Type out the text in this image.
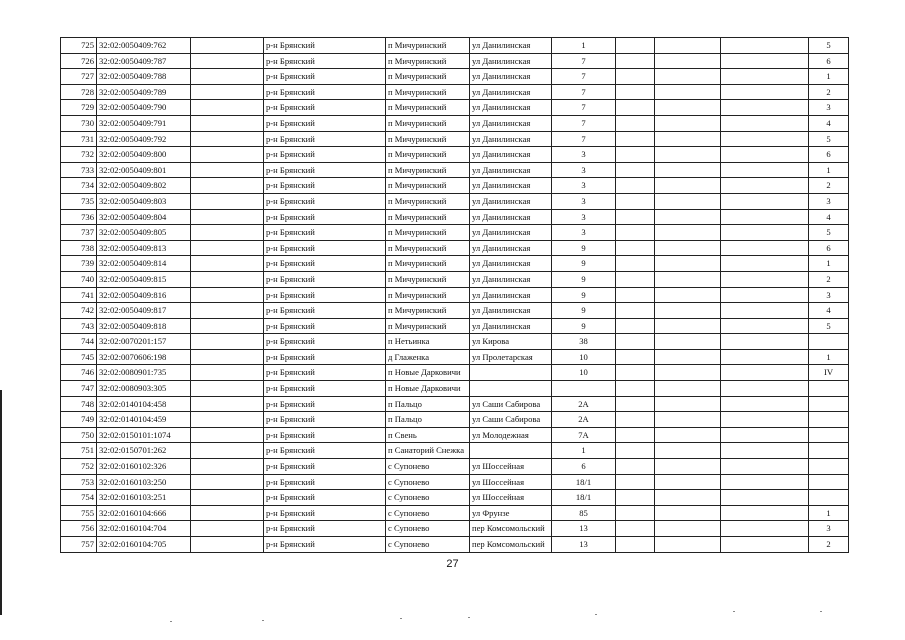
725	32:02:0050409:762		р-н Брянский	п Мичуринский	ул Данилинская	1				5
726	32:02:0050409:787		р-н Брянский	п Мичуринский	ул Данилинская	7				6
727	32:02:0050409:788		р-н Брянский	п Мичуринский	ул Данилинская	7				1
728	32:02:0050409:789		р-н Брянский	п Мичуринский	ул Данилинская	7				2
729	32:02:0050409:790		р-н Брянский	п Мичуринский	ул Данилинская	7				3
730	32:02:0050409:791		р-н Брянский	п Мичуринский	ул Данилинская	7				4
731	32:02:0050409:792		р-н Брянский	п Мичуринский	ул Данилинская	7				5
732	32:02:0050409:800		р-н Брянский	п Мичуринский	ул Данилинская	3				6
733	32:02:0050409:801		р-н Брянский	п Мичуринский	ул Данилинская	3				1
734	32:02:0050409:802		р-н Брянский	п Мичуринский	ул Данилинская	3				2
735	32:02:0050409:803		р-н Брянский	п Мичуринский	ул Данилинская	3				3
736	32:02:0050409:804		р-н Брянский	п Мичуринский	ул Данилинская	3				4
737	32:02:0050409:805		р-н Брянский	п Мичуринский	ул Данилинская	3				5
738	32:02:0050409:813		р-н Брянский	п Мичуринский	ул Данилинская	9				6
739	32:02:0050409:814		р-н Брянский	п Мичуринский	ул Данилинская	9				1
740	32:02:0050409:815		р-н Брянский	п Мичуринский	ул Данилинская	9				2
741	32:02:0050409:816		р-н Брянский	п Мичуринский	ул Данилинская	9				3
742	32:02:0050409:817		р-н Брянский	п Мичуринский	ул Данилинская	9				4
743	32:02:0050409:818		р-н Брянский	п Мичуринский	ул Данилинская	9				5
744	32:02:0070201:157		р-н Брянский	п Нетьинка	ул Кирова	38				
745	32:02:0070606:198		р-н Брянский	д Глаженка	ул Пролетарская	10				1
746	32:02:0080901:735		р-н Брянский	п Новые Дарковичи		10				IV
747	32:02:0080903:305		р-н Брянский	п Новые Дарковичи						
748	32:02:0140104:458		р-н Брянский	п Пальцо	ул Саши Сабирова	2А				
749	32:02:0140104:459		р-н Брянский	п Пальцо	ул Саши Сабирова	2А				
750	32:02:0150101:1074		р-н Брянский	п Свень	ул Молодежная	7А				
751	32:02:0150701:262		р-н Брянский	п Санаторий Снежка		1				
752	32:02:0160102:326		р-н Брянский	с Супонево	ул Шоссейная	6				
753	32:02:0160103:250		р-н Брянский	с Супонево	ул Шоссейная	18/1				
754	32:02:0160103:251		р-н Брянский	с Супонево	ул Шоссейная	18/1				
755	32:02:0160104:666		р-н Брянский	с Супонево	ул Фрунзе	85				1
756	32:02:0160104:704		р-н Брянский	с Супонево	пер Комсомольский	13				3
757	32:02:0160104:705		р-н Брянский	с Супонево	пер Комсомольский	13				2
27
